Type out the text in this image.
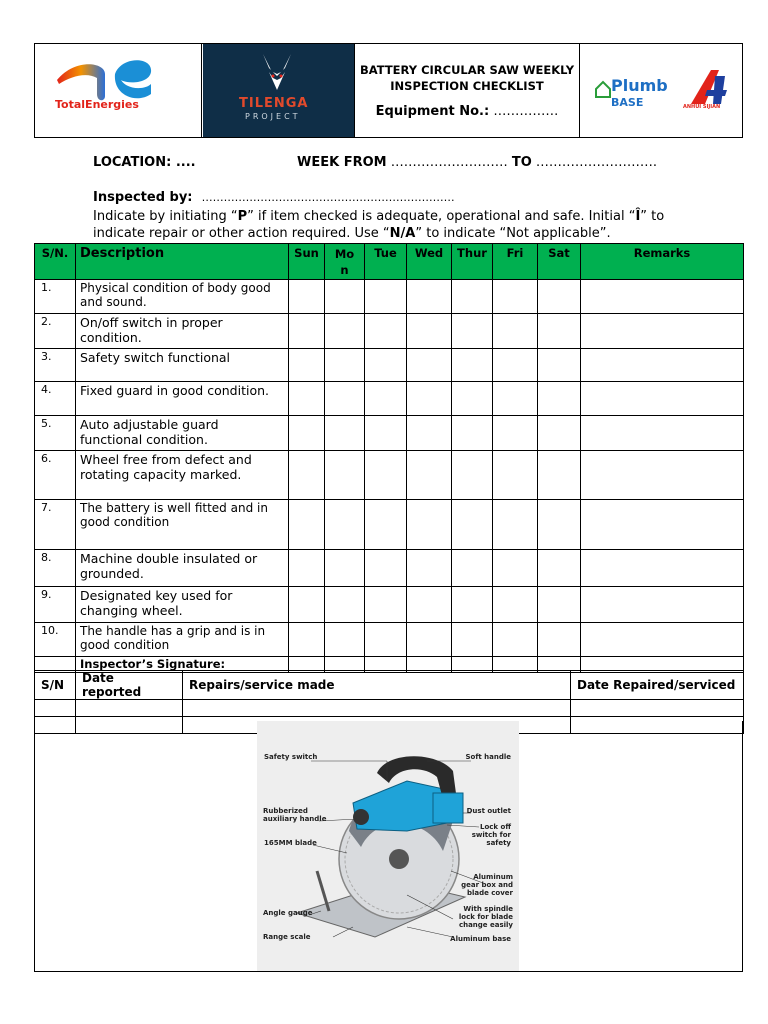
TotalEnergies	TILENGA
PROJECT
BATTERY CIRCULAR SAW WEEKLY INSPECTION CHECKLIST
Equipment No.: ……………
Plumb
BASE	ANHUI SIJIAN
LOCATION: ....	WEEK FROM ……………………… TO ……………………….
Inspected by: ……………………………………………………………
Indicate by initiating “P” if item checked is adequate, operational and safe. Initial “Î” to indicate repair or other action required. Use “N/A” to indicate “Not applicable”.
S/N.	Description	Sun	Mo n	Tue	Wed	Thur	Fri	Sat	Remarks
1.	Physical condition of body good and sound.								
2.	On/off switch in proper condition.								
3.	Safety switch functional								
4.	Fixed guard in good condition.								
5.	Auto adjustable guard functional condition.								
6.	Wheel free from defect and rotating capacity marked.								
7.	The battery is well fitted and in good condition								
8.	Machine double insulated or grounded.								
9.	Designated key used for changing wheel.								
10.	The handle has a grip and is in good condition								
	Inspector’s Signature:								
S/N	Date reported	Repairs/service made	Date Repaired/serviced

Safety switch
Rubberized auxiliary handle
165MM blade
Angle gauge
Range scale
Soft handle
Dust outlet
Lock off switch for safety
Aluminum gear box and blade cover
With spindle lock for blade change easily
Aluminum base
